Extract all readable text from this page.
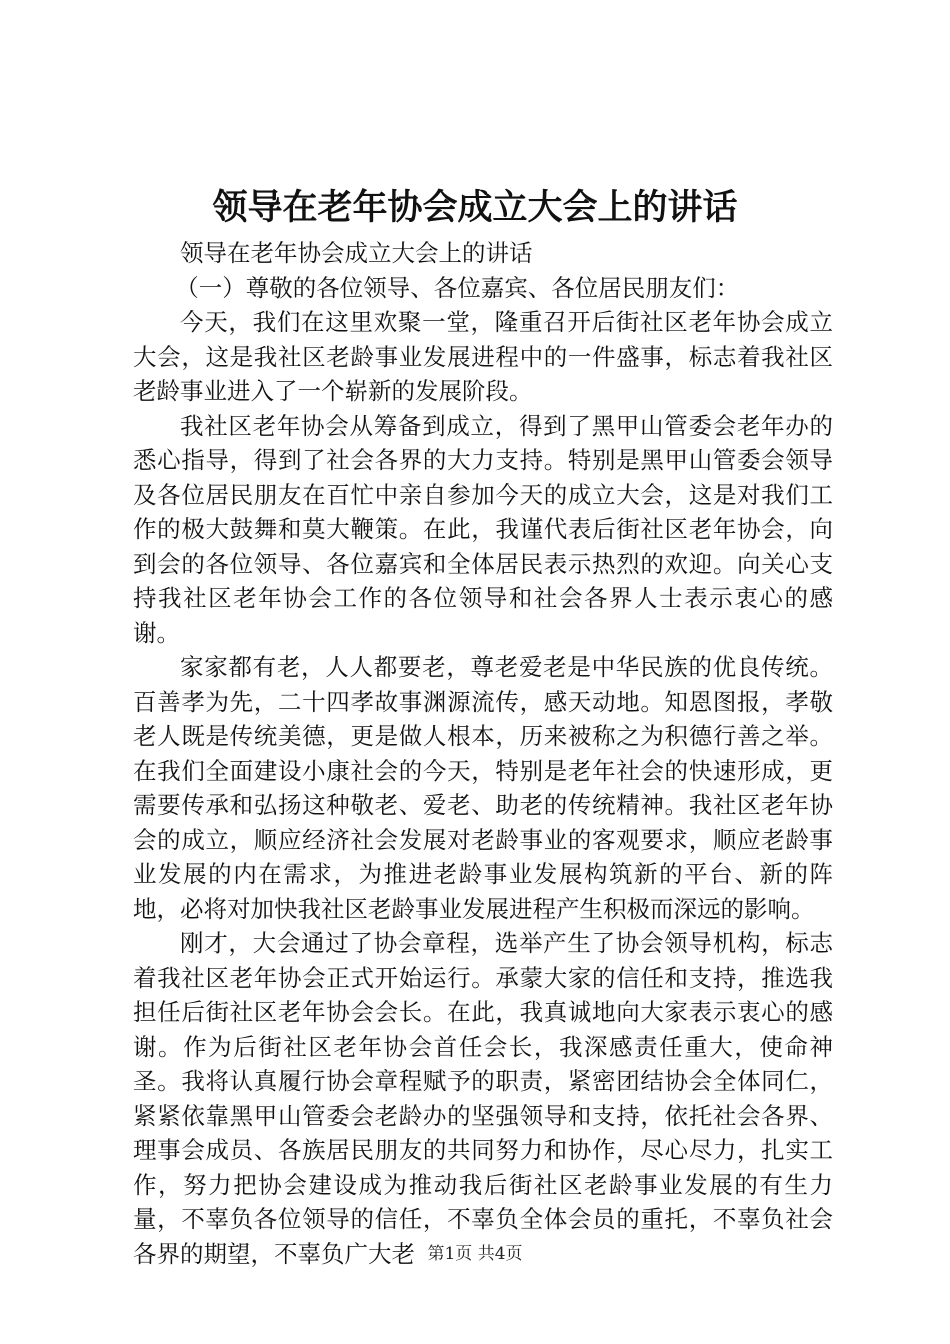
领导在老年协会成立大会上的讲话

领导在老年协会成立大会上的讲话

（一）尊敬的各位领导、各位嘉宾、各位居民朋友们：

今天，我们在这里欢聚一堂，隆重召开后街社区老年协会成立大会，这是我社区老龄事业发展进程中的一件盛事，标志着我社区老龄事业进入了一个崭新的发展阶段。

我社区老年协会从筹备到成立，得到了黑甲山管委会老年办的悉心指导，得到了社会各界的大力支持。特别是黑甲山管委会领导及各位居民朋友在百忙中亲自参加今天的成立大会，这是对我们工作的极大鼓舞和莫大鞭策。在此，我谨代表后街社区老年协会，向到会的各位领导、各位嘉宾和全体居民表示热烈的欢迎。向关心支持我社区老年协会工作的各位领导和社会各界人士表示衷心的感谢。

家家都有老，人人都要老，尊老爱老是中华民族的优良传统。百善孝为先，二十四孝故事渊源流传，感天动地。知恩图报，孝敬老人既是传统美德，更是做人根本，历来被称之为积德行善之举。在我们全面建设小康社会的今天，特别是老年社会的快速形成，更需要传承和弘扬这种敬老、爱老、助老的传统精神。我社区老年协会的成立，顺应经济社会发展对老龄事业的客观要求，顺应老龄事业发展的内在需求，为推进老龄事业发展构筑新的平台、新的阵地，必将对加快我社区老龄事业发展进程产生积极而深远的影响。

刚才，大会通过了协会章程，选举产生了协会领导机构，标志着我社区老年协会正式开始运行。承蒙大家的信任和支持，推选我担任后街社区老年协会会长。在此，我真诚地向大家表示衷心的感谢。作为后街社区老年协会首任会长，我深感责任重大，使命神圣。我将认真履行协会章程赋予的职责，紧密团结协会全体同仁，紧紧依靠黑甲山管委会老龄办的坚强领导和支持，依托社会各界、理事会成员、各族居民朋友的共同努力和协作，尽心尽力，扎实工作，努力把协会建设成为推动我后街社区老龄事业发展的有生力量，不辜负各位领导的信任，不辜负全体会员的重托，不辜负社会各界的期望，不辜负广大老 第1页 共4页
